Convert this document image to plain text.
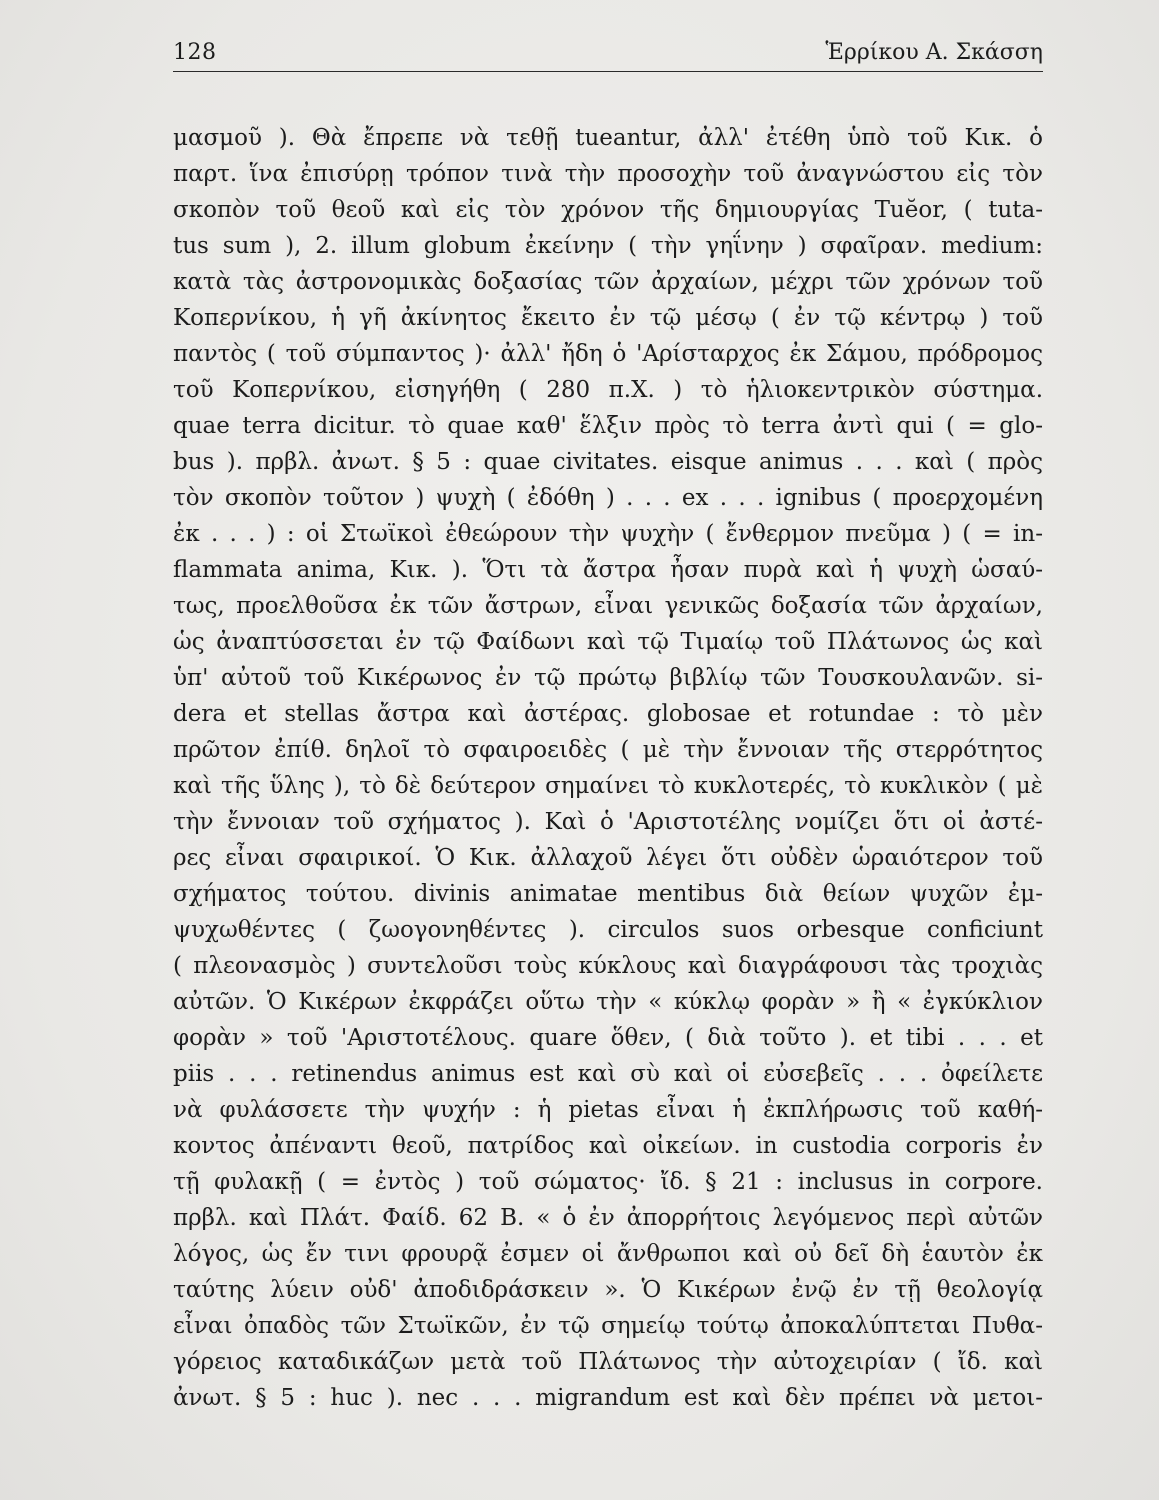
128	Ἑρρίκου Α. Σκάσση
μασμοῦ ). Θὰ ἔπρεπε νὰ τεθῇ tueantur, ἀλλ' ἐτέθη ὑπὸ τοῦ Κικ. ὁ
παρτ. ἵνα ἐπισύρῃ τρόπον τινὰ τὴν προσοχὴν τοῦ ἀναγνώστου εἰς τὸν
σκοπὸν τοῦ θεοῦ καὶ εἰς τὸν χρόνον τῆς δημιουργίας Tuĕor, ( tuta-
tus sum ), 2. illum globum ἐκείνην ( τὴν γηΐνην ) σφαῖραν. medium:
κατὰ τὰς ἀστρονομικὰς δοξασίας τῶν ἀρχαίων, μέχρι τῶν χρόνων τοῦ
Κοπερνίκου, ἡ γῆ ἀκίνητος ἔκειτο ἐν τῷ μέσῳ ( ἐν τῷ κέντρῳ ) τοῦ
παντὸς ( τοῦ σύμπαντος )· ἀλλ' ἤδη ὁ 'Αρίσταρχος ἐκ Σάμου, πρόδρομος
τοῦ Κοπερνίκου, εἰσηγήθη ( 280 π.Χ. ) τὸ ἡλιοκεντρικὸν σύστημα.
quae terra dicitur. τὸ quae καθ' ἕλξιν πρὸς τὸ terra ἀντὶ qui ( = glo-
bus ). πρβλ. ἀνωτ. § 5 : quae civitates. eisque animus . . . καὶ ( πρὸς
τὸν σκοπὸν τοῦτον ) ψυχὴ ( ἐδόθη ) . . . ex . . . ignibus ( προερχομένη
ἐκ . . . ) : οἱ Στωϊκοὶ ἐθεώρουν τὴν ψυχὴν ( ἔνθερμον πνεῦμα ) ( = in-
flammata anima, Κικ. ). Ὅτι τὰ ἄστρα ἦσαν πυρὰ καὶ ἡ ψυχὴ ὡσαύ-
τως, προελθοῦσα ἐκ τῶν ἄστρων, εἶναι γενικῶς δοξασία τῶν ἀρχαίων,
ὡς ἀναπτύσσεται ἐν τῷ Φαίδωνι καὶ τῷ Τιμαίῳ τοῦ Πλάτωνος ὡς καὶ
ὑπ' αὐτοῦ τοῦ Κικέρωνος ἐν τῷ πρώτῳ βιβλίῳ τῶν Τουσκουλανῶν. si-
dera et stellas ἄστρα καὶ ἀστέρας. globosae et rotundae : τὸ μὲν
πρῶτον ἐπίθ. δηλοῖ τὸ σφαιροειδὲς ( μὲ τὴν ἔννοιαν τῆς στερρότητος
καὶ τῆς ὕλης ), τὸ δὲ δεύτερον σημαίνει τὸ κυκλοτερές, τὸ κυκλικὸν ( μὲ
τὴν ἔννοιαν τοῦ σχήματος ). Καὶ ὁ 'Αριστοτέλης νομίζει ὅτι οἱ ἀστέ-
ρες εἶναι σφαιρικοί. Ὁ Κικ. ἀλλαχοῦ λέγει ὅτι οὐδὲν ὡραιότερον τοῦ
σχήματος τούτου. divinis animatae mentibus διὰ θείων ψυχῶν ἐμ-
ψυχωθέντες ( ζωογονηθέντες ). circulos suos orbesque conficiunt
( πλεονασμὸς ) συντελοῦσι τοὺς κύκλους καὶ διαγράφουσι τὰς τροχιὰς
αὐτῶν. Ὁ Κικέρων ἐκφράζει οὕτω τὴν « κύκλῳ φορὰν » ἢ « ἐγκύκλιον
φορὰν » τοῦ 'Αριστοτέλους. quare ὅθεν, ( διὰ τοῦτο ). et tibi . . . et
piis . . . retinendus animus est καὶ σὺ καὶ οἱ εὐσεβεῖς . . . ὀφείλετε
νὰ φυλάσσετε τὴν ψυχήν : ἡ pietas εἶναι ἡ ἐκπλήρωσις τοῦ καθή-
κοντος ἀπέναντι θεοῦ, πατρίδος καὶ οἰκείων. in custodia corporis ἐν
τῇ φυλακῇ ( = ἐντὸς ) τοῦ σώματος· ἴδ. § 21 : inclusus in corpore.
πρβλ. καὶ Πλάτ. Φαίδ. 62 Β. « ὁ ἐν ἀπορρήτοις λεγόμενος περὶ αὐτῶν
λόγος, ὡς ἔν τινι φρουρᾷ ἐσμεν οἱ ἄνθρωποι καὶ οὐ δεῖ δὴ ἑαυτὸν ἐκ
ταύτης λύειν οὐδ' ἀποδιδράσκειν ». Ὁ Κικέρων ἐνῷ ἐν τῇ θεολογίᾳ
εἶναι ὀπαδὸς τῶν Στωϊκῶν, ἐν τῷ σημείῳ τούτῳ ἀποκαλύπτεται Πυθα-
γόρειος καταδικάζων μετὰ τοῦ Πλάτωνος τὴν αὐτοχειρίαν ( ἴδ. καὶ
ἀνωτ. § 5 : huc ). nec . . . migrandum est καὶ δὲν πρέπει νὰ μετοι-
